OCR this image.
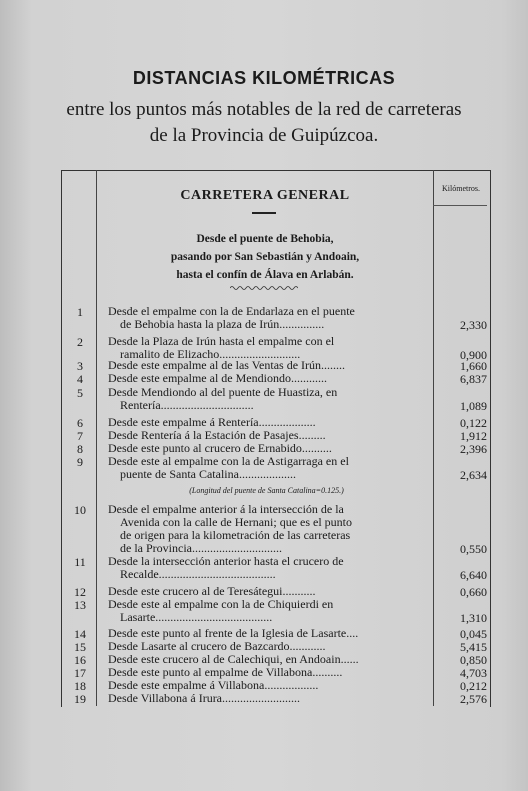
DISTANCIAS KILOMÉTRICAS
entre los puntos más notables de la red de carreteras
de la Provincia de Guipúzcoa.
Kilómetros.
CARRETERA GENERAL
Desde el puente de Behobia,
pasando por San Sebastián y Andoain,
hasta el confín de Álava en Arlabán.
1	Desde el empalme con la de Endarlaza en el puente
de Behobia hasta la plaza de Irún...............	2,330
2	Desde la Plaza de Irún hasta el empalme con el
ramalito de Elizacho...........................	0,900
3	Desde este empalme al de las Ventas de Irún........	1,660
4	Desde este empalme al de Mendiondo............	6,837
5	Desde Mendiondo al del puente de Huastiza, en
Rentería...............................	1,089
6	Desde este empalme á Rentería...................	0,122
7	Desde Rentería á la Estación de Pasajes.........	1,912
8	Desde este punto al crucero de Ernabido..........	2,396
9	Desde este al empalme con la de Astigarraga en el
puente de Santa Catalina...................	2,634
10	Desde el empalme anterior á la intersección de la
Avenida con la calle de Hernani; que es el punto
de origen para la kilometración de las carreteras
de la Provincia..............................	0,550
11	Desde la intersección anterior hasta el crucero de
Recalde.......................................	6,640
12	Desde este crucero al de Teresátegui...........	0,660
13	Desde este al empalme con la de Chiquierdi en
Lasarte.......................................	1,310
14	Desde este punto al frente de la Iglesia de Lasarte....	0,045
15	Desde Lasarte al crucero de Bazcardo............	5,415
16	Desde este crucero al de Calechiqui, en Andoain......	0,850
17	Desde este punto al empalme de Villabona..........	4,703
18	Desde este empalme á Villabona..................	0,212
19	Desde Villabona á Irura..........................	2,576
(Longitud del puente de Santa Catalina=0.125.)
